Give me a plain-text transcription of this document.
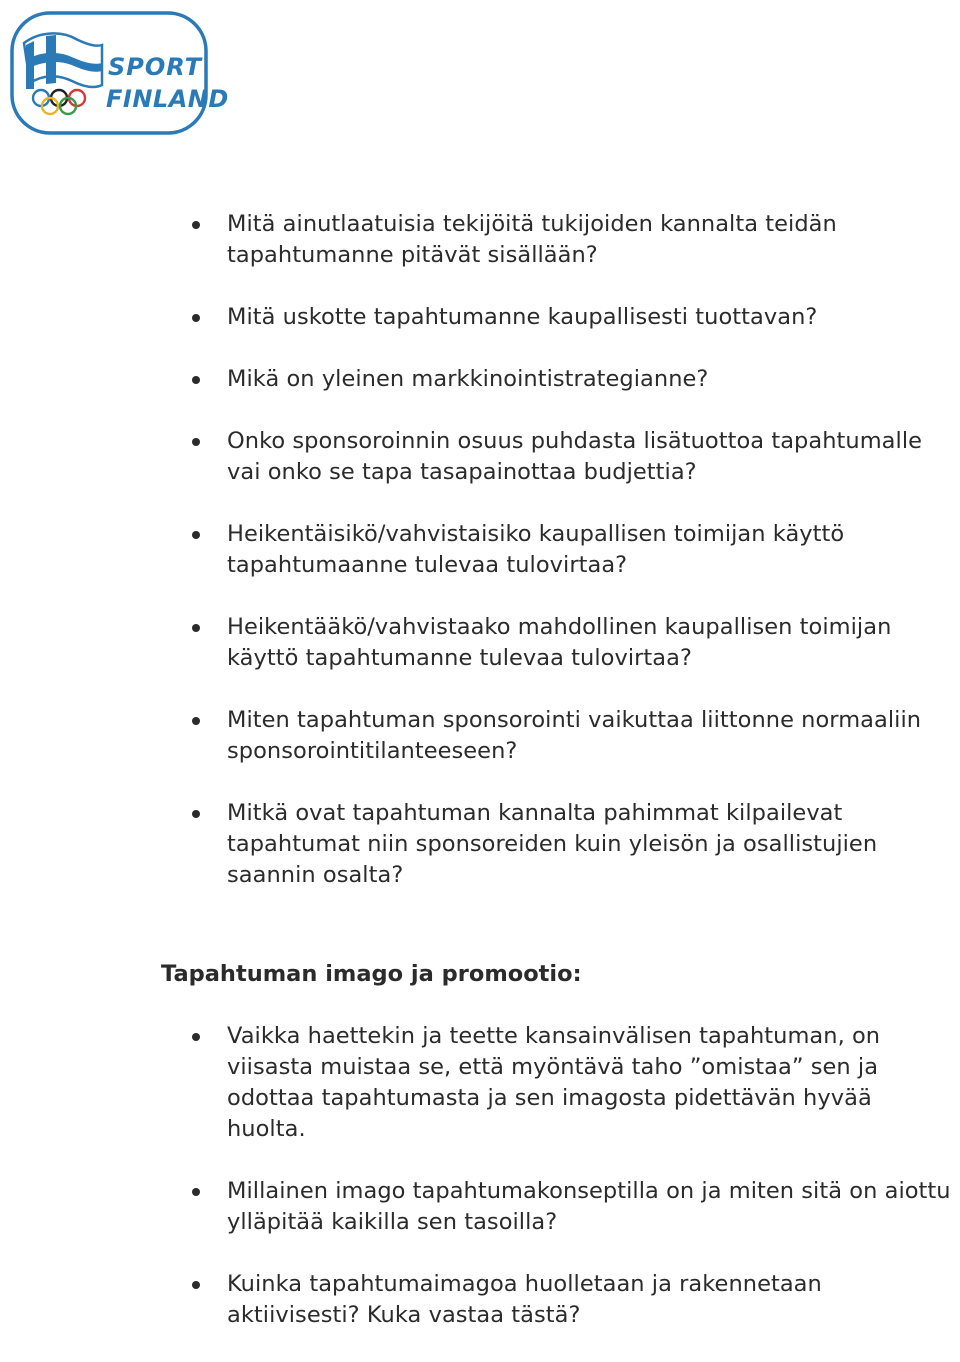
SPORT
FINLAND
Mitä ainutlaatuisia tekijöitä tukijoiden kannalta teidän tapahtumanne pitävät sisällään?
Mitä uskotte tapahtumanne kaupallisesti tuottavan?
Mikä on yleinen markkinointistrategianne?
Onko sponsoroinnin osuus puhdasta lisätuottoa tapahtumalle vai onko se tapa tasapainottaa budjettia?
Heikentäisikö/vahvistaisiko kaupallisen toimijan käyttö tapahtumaanne tulevaa tulovirtaa?
Heikentääkö/vahvistaako mahdollinen kaupallisen toimijan käyttö tapahtumanne tulevaa tulovirtaa?
Miten tapahtuman sponsorointi vaikuttaa liittonne normaaliin sponsorointitilanteeseen?
Mitkä ovat tapahtuman kannalta pahimmat kilpailevat tapahtumat niin sponsoreiden kuin yleisön ja osallistujien saannin osalta?
Tapahtuman imago ja promootio:
Vaikka haettekin ja teette kansainvälisen tapahtuman, on viisasta muistaa se, että myöntävä taho ”omistaa” sen ja odottaa tapahtumasta ja sen imagosta pidettävän hyvää huolta.
Millainen imago tapahtumakonseptilla on ja miten sitä on aiottu ylläpitää kaikilla sen tasoilla?
Kuinka tapahtumaimagoa huolletaan ja rakennetaan aktiivisesti? Kuka vastaa tästä?
